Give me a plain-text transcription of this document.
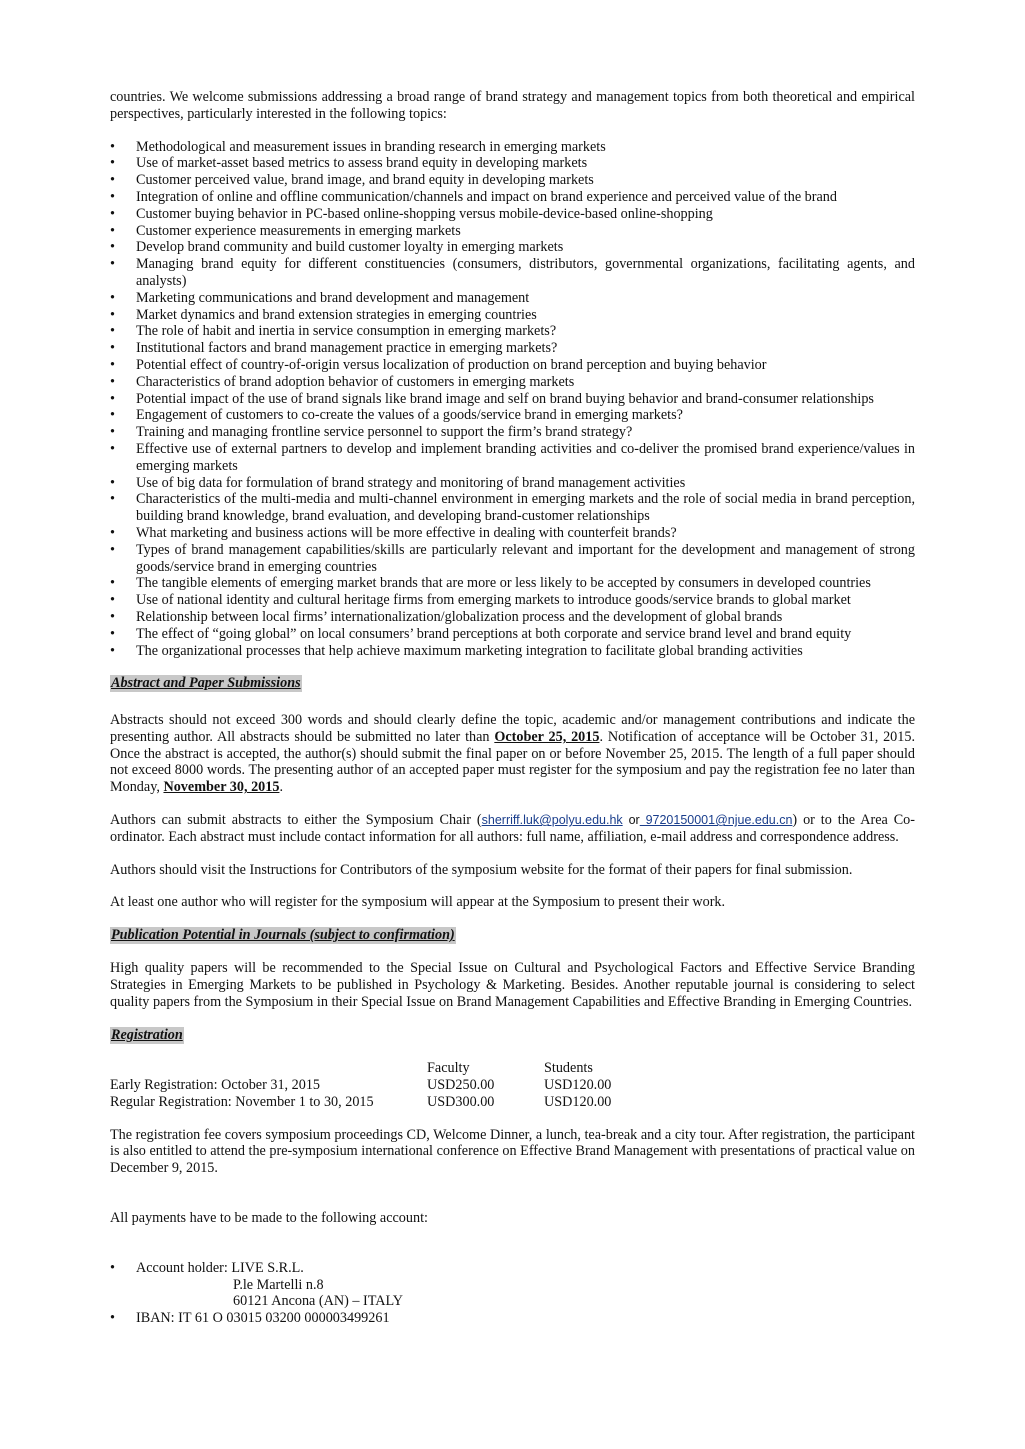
countries. We welcome submissions addressing a broad range of brand strategy and management topics from both theoretical and empirical perspectives, particularly interested in the following topics:

• Methodological and measurement issues in branding research in emerging markets
• Use of market-asset based metrics to assess brand equity in developing markets
• Customer perceived value, brand image, and brand equity in developing markets
• Integration of online and offline communication/channels and impact on brand experience and perceived value of the brand
• Customer buying behavior in PC-based online-shopping versus mobile-device-based online-shopping
• Customer experience measurements in emerging markets
• Develop brand community and build customer loyalty in emerging markets
• Managing brand equity for different constituencies (consumers, distributors, governmental organizations, facilitating agents, and analysts)
• Marketing communications and brand development and management
• Market dynamics and brand extension strategies in emerging countries
• The role of habit and inertia in service consumption in emerging markets?
• Institutional factors and brand management practice in emerging markets?
• Potential effect of country-of-origin versus localization of production on brand perception and buying behavior
• Characteristics of brand adoption behavior of customers in emerging markets
• Potential impact of the use of brand signals like brand image and self on brand buying behavior and brand-consumer relationships
• Engagement of customers to co-create the values of a goods/service brand in emerging markets?
• Training and managing frontline service personnel to support the firm’s brand strategy?
• Effective use of external partners to develop and implement branding activities and co-deliver the promised brand experience/values in emerging markets
• Use of big data for formulation of brand strategy and monitoring of brand management activities
• Characteristics of the multi-media and multi-channel environment in emerging markets and the role of social media in brand perception, building brand knowledge, brand evaluation, and developing brand-customer relationships
• What marketing and business actions will be more effective in dealing with counterfeit brands?
• Types of brand management capabilities/skills are particularly relevant and important for the development and management of strong goods/service brand in emerging countries
• The tangible elements of emerging market brands that are more or less likely to be accepted by consumers in developed countries
• Use of national identity and cultural heritage firms from emerging markets to introduce goods/service brands to global market
• Relationship between local firms’ internationalization/globalization process and the development of global brands
• The effect of “going global” on local consumers’ brand perceptions at both corporate and service brand level and brand equity
• The organizational processes that help achieve maximum marketing integration to facilitate global branding activities
Abstract and Paper Submissions

Abstracts should not exceed 300 words and should clearly define the topic, academic and/or management contributions and indicate the presenting author. All abstracts should be submitted no later than October 25, 2015. Notification of acceptance will be October 31, 2015. Once the abstract is accepted, the author(s) should submit the final paper on or before November 25, 2015. The length of a full paper should not exceed 8000 words. The presenting author of an accepted paper must register for the symposium and pay the registration fee no later than Monday, November 30, 2015.

Authors can submit abstracts to either the Symposium Chair (sherriff.luk@polyu.edu.hk or 9720150001@njue.edu.cn) or to the Area Co-ordinator. Each abstract must include contact information for all authors: full name, affiliation, e-mail address and correspondence address.

Authors should visit the Instructions for Contributors of the symposium website for the format of their papers for final submission.

At least one author who will register for the symposium will appear at the Symposium to present their work.

Publication Potential in Journals (subject to confirmation)

High quality papers will be recommended to the Special Issue on Cultural and Psychological Factors and Effective Service Branding Strategies in Emerging Markets to be published in Psychology & Marketing. Besides. Another reputable journal is considering to select quality papers from the Symposium in their Special Issue on Brand Management Capabilities and Effective Branding in Emerging Countries.

Registration
	Faculty	Students
Early Registration: October 31, 2015	USD250.00	USD120.00
Regular Registration: November 1 to 30, 2015	USD300.00	USD120.00

The registration fee covers symposium proceedings CD, Welcome Dinner, a lunch, tea-break and a city tour. After registration, the participant is also entitled to attend the pre-symposium international conference on Effective Brand Management with presentations of practical value on December 9, 2015.

All payments have to be made to the following account:

• Account holder: LIVE S.R.L.
P.le Martelli n.8
60121 Ancona (AN) – ITALY
• IBAN: IT 61 O 03015 03200 000003499261
